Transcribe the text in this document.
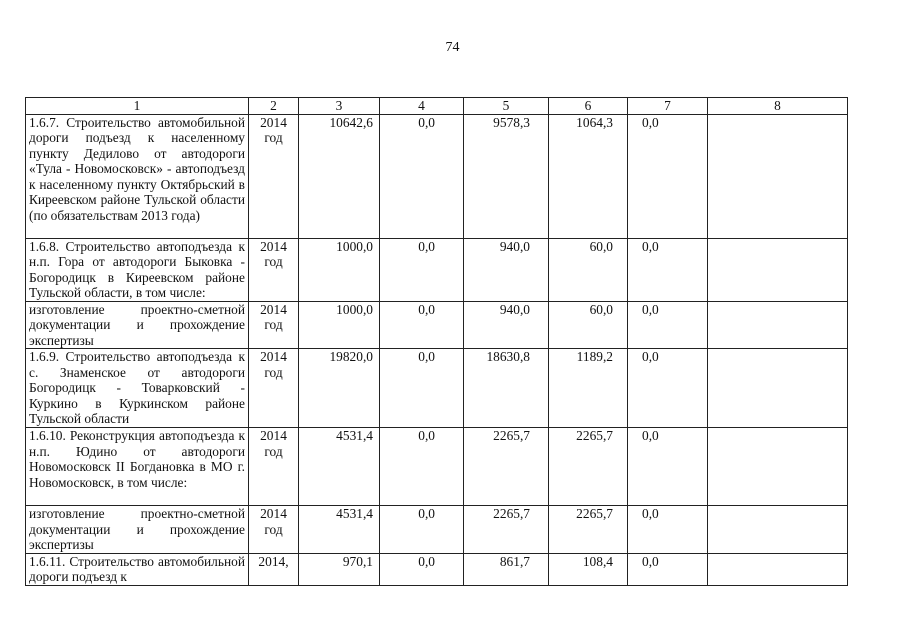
74
1	2	3	4	5	6	7	8
1.6.7. Строительство автомобильной дороги подъезд к населенному пункту Дедилово от автодороги «Тула - Новомосковск» - автоподъезд к населенному пункту Октябрьский в Киреевском районе Тульской области (по обязательствам 2013 года)	2014 год	10642,6	0,0	9578,3	1064,3	0,0	
1.6.8. Строительство автоподъезда к н.п. Гора от автодороги Быковка - Богородицк в Киреевском районе Тульской области, в том числе:	2014 год	1000,0	0,0	940,0	60,0	0,0	
изготовление проектно-сметной документации и прохождение экспертизы	2014 год	1000,0	0,0	940,0	60,0	0,0	
1.6.9. Строительство автоподъезда к с. Знаменское от автодороги Богородицк - Товарковский - Куркино в Куркинском районе Тульской области	2014 год	19820,0	0,0	18630,8	1189,2	0,0	
1.6.10. Реконструкция автоподъезда к н.п. Юдино от автодороги Новомосковск II Богдановка в МО г. Новомосковск, в том числе:	2014 год	4531,4	0,0	2265,7	2265,7	0,0	
изготовление проектно-сметной документации и прохождение экспертизы	2014 год	4531,4	0,0	2265,7	2265,7	0,0	
1.6.11. Строительство автомобильной дороги подъезд к	2014,	970,1	0,0	861,7	108,4	0,0	
